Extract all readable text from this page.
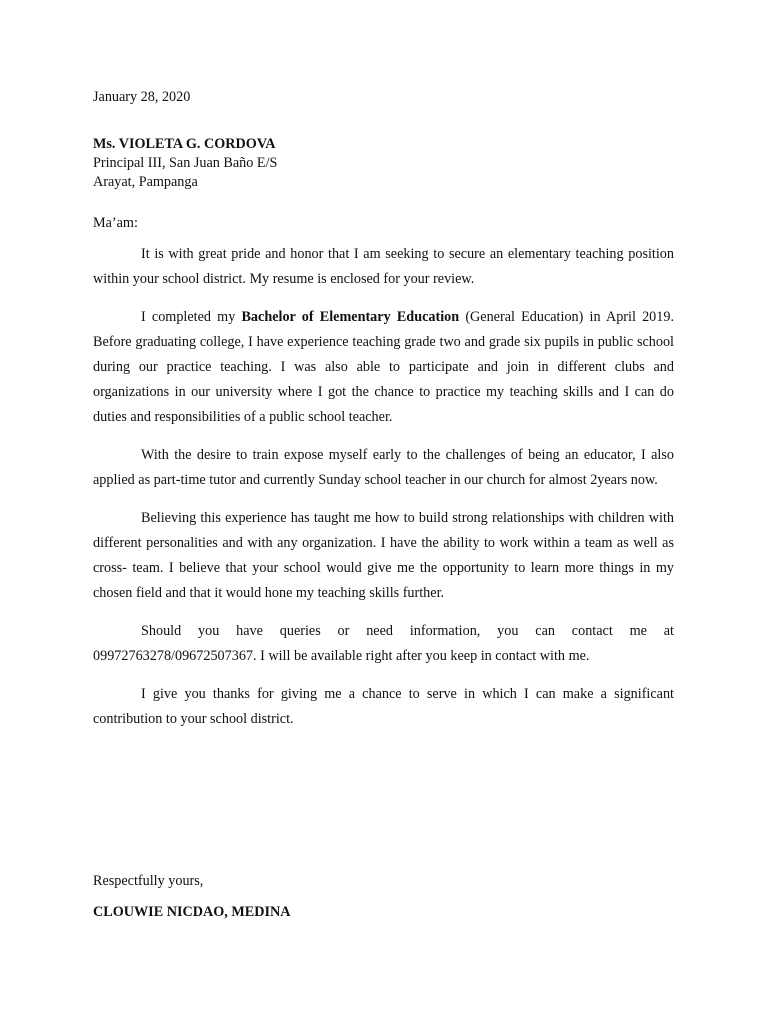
January 28, 2020

Ms. VIOLETA G. CORDOVA
Principal III, San Juan Baño E/S
Arayat, Pampanga

Ma’am:

It is with great pride and honor that I am seeking to secure an elementary teaching position within your school district. My resume is enclosed for your review.

I completed my Bachelor of Elementary Education (General Education) in April 2019. Before graduating college, I have experience teaching grade two and grade six pupils in public school during our practice teaching. I was also able to participate and join in different clubs and organizations in our university where I got the chance to practice my teaching skills and I can do duties and responsibilities of a public school teacher.

With the desire to train expose myself early to the challenges of being an educator, I also applied as part-time tutor and currently Sunday school teacher in our church for almost 2years now.

Believing this experience has taught me how to build strong relationships with children with different personalities and with any organization. I have the ability to work within a team as well as cross- team. I believe that your school would give me the opportunity to learn more things in my chosen field and that it would hone my teaching skills further.

Should you have queries or need information, you can contact me at 09972763278/09672507367. I will be available right after you keep in contact with me.

I give you thanks for giving me a chance to serve in which I can make a significant contribution to your school district.

Respectfully yours,

CLOUWIE NICDAO, MEDINA
